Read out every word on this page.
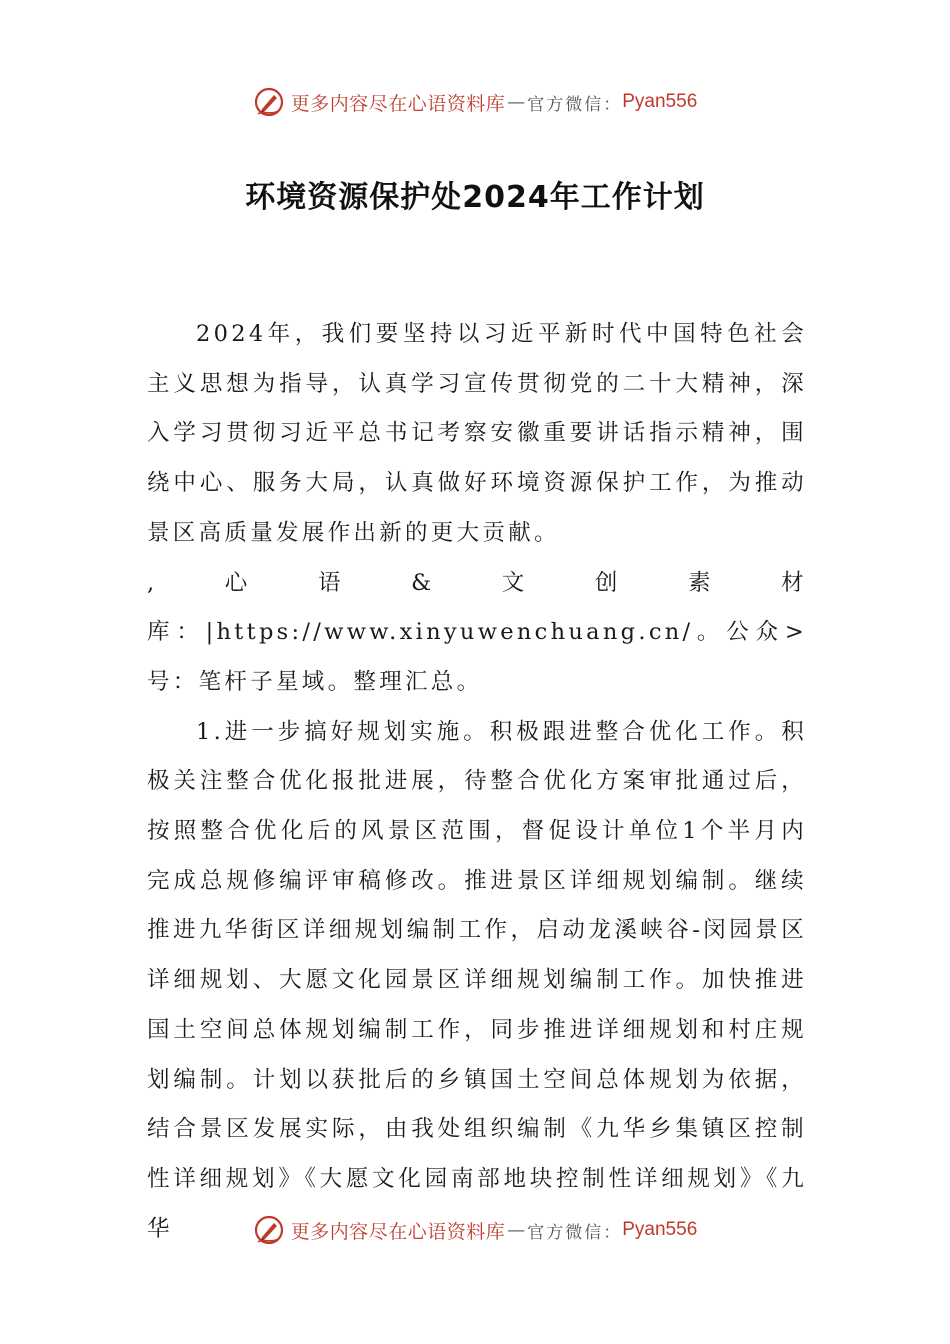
更多内容尽在心语资料库 — 官方微信： Pyan556
环境资源保护处2024年工作计划

2024年，我们要坚持以习近平新时代中国特色社会主义思想为指导，认真学习宣传贯彻党的二十大精神，深入学习贯彻习近平总书记考察安徽重要讲话指示精神，围绕中心、服务大局，认真做好环境资源保护工作，为推动景区高质量发展作出新的更大贡献。

,心语&文创素材库：|https://www.xinyuwenchuang.cn/。公众>号：笔杆子星域。整理汇总。

1.进一步搞好规划实施。积极跟进整合优化工作。积极关注整合优化报批进展，待整合优化方案审批通过后，按照整合优化后的风景区范围，督促设计单位1个半月内完成总规修编评审稿修改。推进景区详细规划编制。继续推进九华街区详细规划编制工作，启动龙溪峡谷-闵园景区详细规划、大愿文化园景区详细规划编制工作。加快推进国土空间总体规划编制工作，同步推进详细规划和村庄规划编制。计划以获批后的乡镇国土空间总体规划为依据，结合景区发展实际，由我处组织编制《九华乡集镇区控制性详细规划》《大愿文化园南部地块控制性详细规划》《九华	更多内容尽在心语资料库 — 官方微信： Pyan556
